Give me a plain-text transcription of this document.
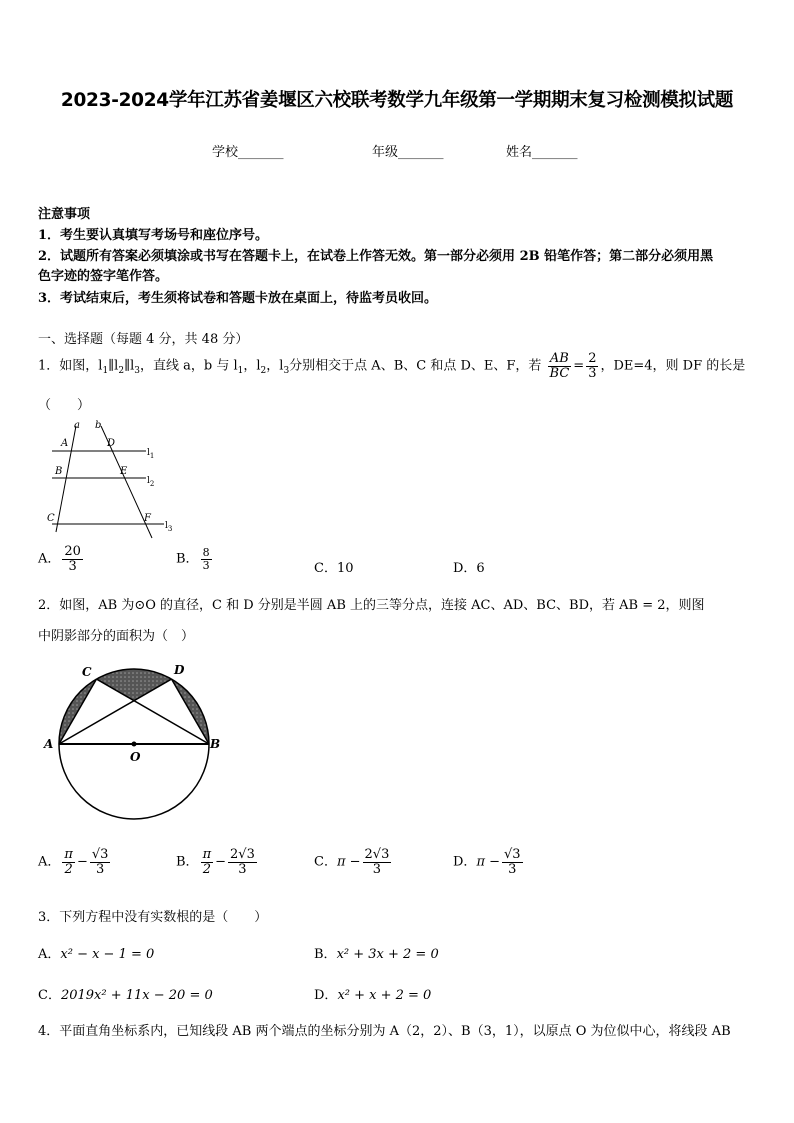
2023-2024学年江苏省姜堰区六校联考数学九年级第一学期期末复习检测模拟试题
学校_______	年级_______	姓名_______
注意事项
1．考生要认真填写考场号和座位序号。
2．试题所有答案必须填涂或书写在答题卡上，在试卷上作答无效。第一部分必须用 2B 铅笔作答；第二部分必须用黑
色字迹的签字笔作答。
3．考试结束后，考生须将试卷和答题卡放在桌面上，待监考员收回。
一、选择题（每题 4 分，共 48 分）
1．如图，$l_1\parallel l_2\parallel l_3$，直线 a，b 与 $l_1$，$l_2$，$l_3$分别相交于点 A、B、C 和点 D、E、F，若 $\frac{AB}{BC} = \frac{2}{3}$ ，DE=4，则 DF 的长是
（　　）
a b
A	D
B	E
C	F
$l_1$
$l_2$
$l_3$
A． $\frac{20}{3}$	B． $\frac{8}{3}$	C．10	D．6
2．如图，AB 为⊙O 的直径，C 和 D 分别是半圆 AB 上的三等分点，连接 AC、AD、BC、BD，若 AB = 2，则图
中阴影部分的面积为（　）
A	B
C	D
O
A． $\frac{\pi}{2} - \frac{√3}{3}$	B． $\frac{\pi}{2} - \frac{2√3}{3}$	C．$\pi - \frac{2√3}{3}$	D．$\pi - \frac{√3}{3}$
3．下列方程中没有实数根的是（　　）
A．x² − x − 1 = 0	B．x² + 3x + 2 = 0
C．2019x² + 11x − 20 = 0	D．x² + x + 2 = 0
4．平面直角坐标系内，已知线段 AB 两个端点的坐标分别为 A（2，2）、B（3，1），以原点 O 为位似中心，将线段 AB
